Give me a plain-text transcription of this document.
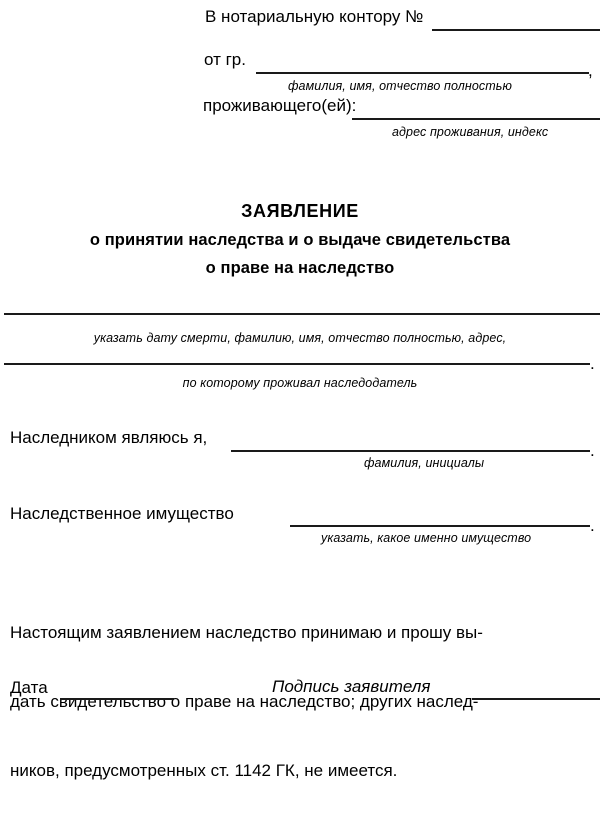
В нотариальную контору №
от гр.
,
фамилия, имя, отчество полностью
проживающего(ей):
адрес проживания, индекс
ЗАЯВЛЕНИЕ
о принятии наследства и о выдаче свидетельства
о праве на наследство
указать дату смерти, фамилию, имя, отчество полностью, адрес,
.
по которому проживал наследодатель
Наследником являюсь я,
.
фамилия, инициалы
Наследственное имущество
.
указать, какое именно имущество

Настоящим заявлением наследство принимаю и прошу вы-

дать свидетельство о праве на наследство; других наслед-

ников, предусмотренных ст. 1142 ГК, не имеется.

Дата	Подпись заявителя
